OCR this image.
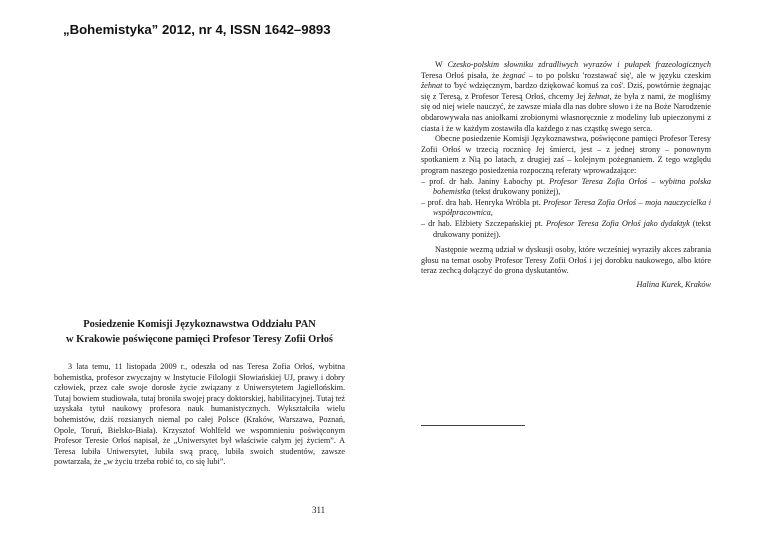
„Bohemistyka” 2012, nr 4, ISSN 1642–9893

W Czesko-polskim słowniku zdradliwych wyrazów i pułapek frazeologicznych Teresa Orłoś pisała, że żegnać – to po polsku 'rozstawać się', ale w języku czeskim žehnat to 'być wdzięcznym, bardzo dziękować komuś za coś'. Dziś, powtórnie żegnając się z Teresą, z Profesor Teresą Orłoś, chcemy Jej žehnat, że była z nami, że mogliśmy się od niej wiele nauczyć, że zawsze miała dla nas dobre słowo i że na Boże Narodzenie obdarowywała nas aniołkami zrobionymi własnoręcznie z modeliny lub upieczonymi z ciasta i że w każdym zostawiła dla każdego z nas cząstkę swego serca.

Obecne posiedzenie Komisji Językoznawstwa, poświęcone pamięci Profesor Teresy Zofii Orłoś w trzecią rocznicę Jej śmierci, jest – z jednej strony – ponownym spotkaniem z Nią po latach, z drugiej zaś – kolejnym pożegnaniem. Z tego względu program naszego posiedzenia rozpoczną referaty wprowadzające:

– prof. dr hab. Janiny Łabochy pt. Profesor Teresa Zofia Orłoś – wybitna polska bohemistka (tekst drukowany poniżej),
– prof. dra hab. Henryka Wróbla pt. Profesor Teresa Zofia Orłoś – moja nauczycielka i współpracownica,
– dr hab. Elżbiety Szczepańskiej pt. Profesor Teresa Zofia Orłoś jako dydaktyk (tekst drukowany poniżej).

Następnie wezmą udział w dyskusji osoby, które wcześniej wyraziły akces zabrania głosu na temat osoby Profesor Teresy Zofii Orłoś i jej dorobku naukowego, albo które teraz zechcą dołączyć do grona dyskutantów.

Halina Kurek, Kraków
Posiedzenie Komisji Językoznawstwa Oddziału PAN
w Krakowie poświęcone pamięci Profesor Teresy Zofii Orłoś

3 lata temu, 11 listopada 2009 r., odeszła od nas Teresa Zofia Orłoś, wybitna bohemistka, profesor zwyczajny w Instytucie Filologii Słowiańskiej UJ, prawy i dobry człowiek, przez całe swoje dorosłe życie związany z Uniwersytetem Jagiellońskim. Tutaj bowiem studiowała, tutaj broniła swojej pracy doktorskiej, habilitacyjnej. Tutaj też uzyskała tytuł naukowy profesora nauk humanistycznych. Wykształciła wielu bohemistów, dziś rozsianych niemal po całej Polsce (Kraków, Warszawa, Poznań, Opole, Toruń, Bielsko-Biała). Krzysztof Wohlfeld we wspomnieniu poświęconym Profesor Teresie Orłoś napisał, że „Uniwersytet był właściwie całym jej życiem”. A Teresa lubiła Uniwersytet, lubiła swą pracę, lubiła swoich studentów, zawsze powtarzała, że „w życiu trzeba robić to, co się lubi”.

311
